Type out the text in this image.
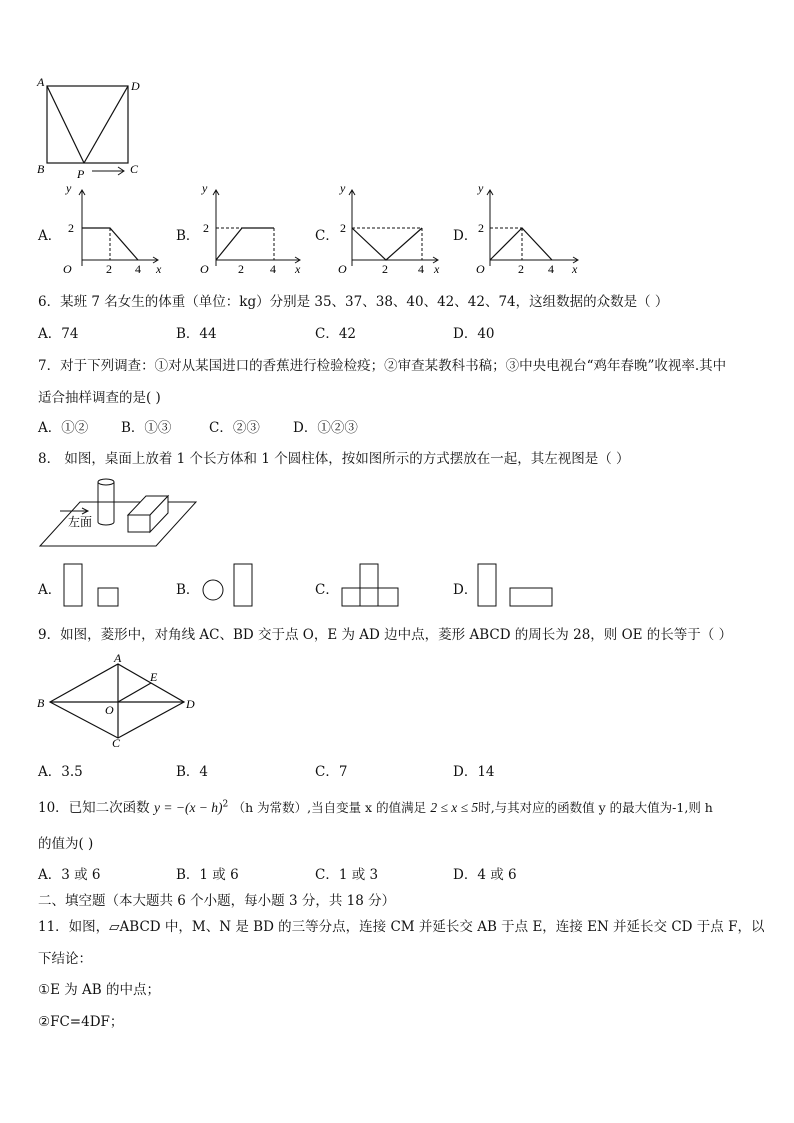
A	D
B	C
P
A．
y
2
O	2 4 x
B．
y
2
O 2 4 x
C．
y
2
O	2	4 x
D．
y
2
O	2 4 x
6．某班 7 名女生的体重（单位：kg）分别是 35、37、38、40、42、42、74，这组数据的众数是（ ）
A．74	B．44	C．42	D．40
7．对于下列调查：①对从某国进口的香蕉进行检验检疫；②审查某教科书稿；③中央电视台“鸡年春晚”收视率.其中
适合抽样调查的是( )
A．①② B．①③	C．②③ D．①②③
8． 如图，桌面上放着 1 个长方体和 1 个圆柱体，按如图所示的方式摆放在一起，其左视图是（ ）
左面
A．	B．	C．	D．
9．如图，菱形中，对角线 AC、BD 交于点 O，E 为 AD 边中点，菱形 ABCD 的周长为 28，则 OE 的长等于（ ）
A
B	D
C
E
O
A．3.5	B．4	C．7	D．14
10．已知二次函数 $y = -(x - h)^2$ （h 为常数）,当自变量 x 的值满足 2 ≤ x ≤ 5时,与其对应的函数值 y 的最大值为-1,则 h
的值为( )
A．3 或 6	B．1 或 6	C．1 或 3	D．4 或 6
二、填空题（本大题共 6 个小题，每小题 3 分，共 18 分）
11．如图，▱ABCD 中，M、N 是 BD 的三等分点，连接 CM 并延长交 AB 于点 E，连接 EN 并延长交 CD 于点 F，以
下结论：
①E 为 AB 的中点；
②FC=4DF；
